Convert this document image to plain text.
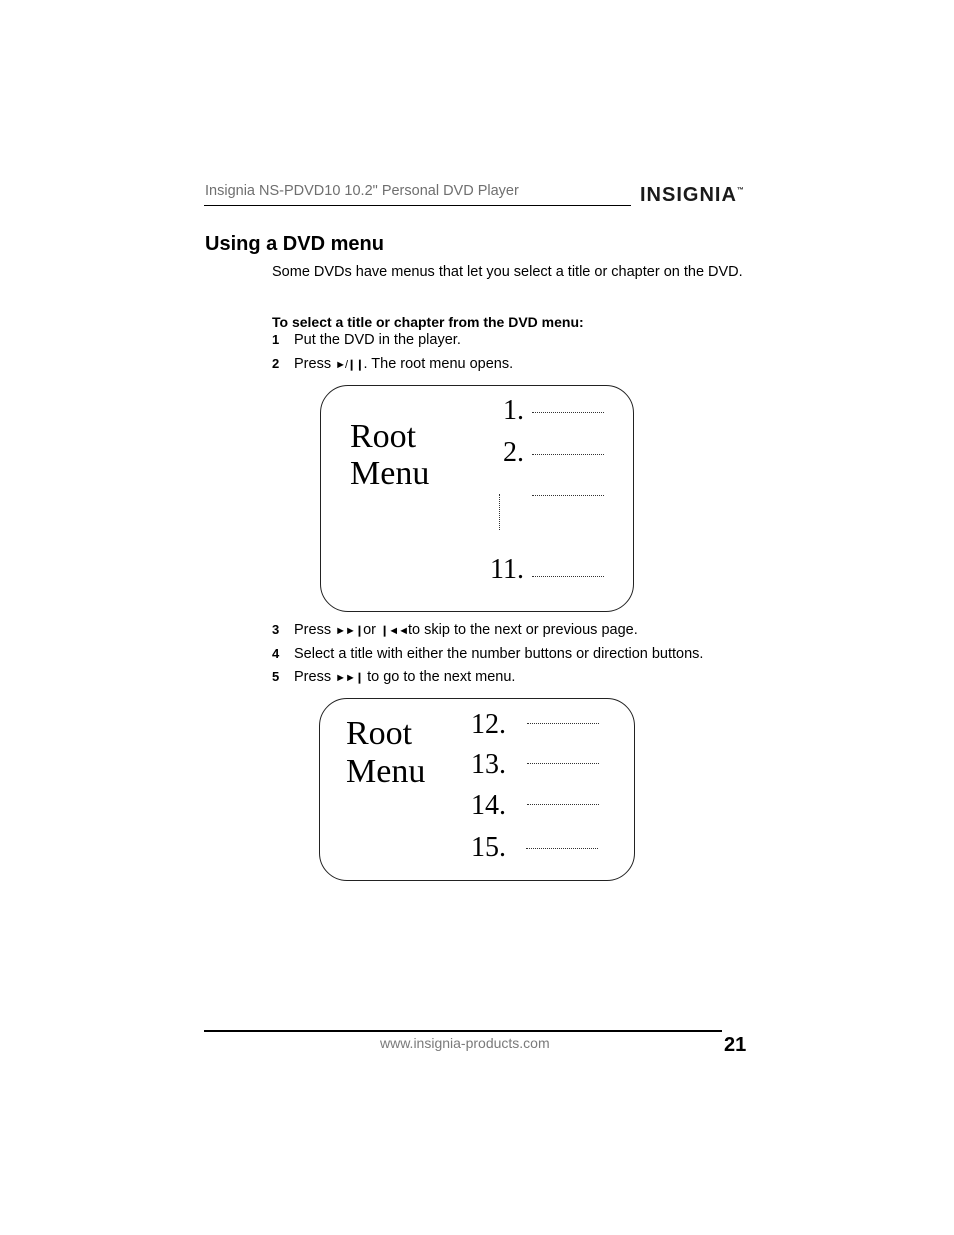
Insignia NS-PDVD10 10.2" Personal DVD Player	INSIGNIA™
Using a DVD menu
Some DVDs have menus that let you select a title or chapter on the DVD.
To select a title or chapter from the DVD menu:
1 Put the DVD in the player.
2 Press ►/❙❙. The root menu opens.
Root
Menu
1.
2.
11.
3 Press ►►❙or ❙◄◄to skip to the next or previous page.
4 Select a title with either the number buttons or direction buttons.
5 Press ►►❙ to go to the next menu.
Root
Menu
12.
13.
14.
15.
www.insignia-products.com	21
